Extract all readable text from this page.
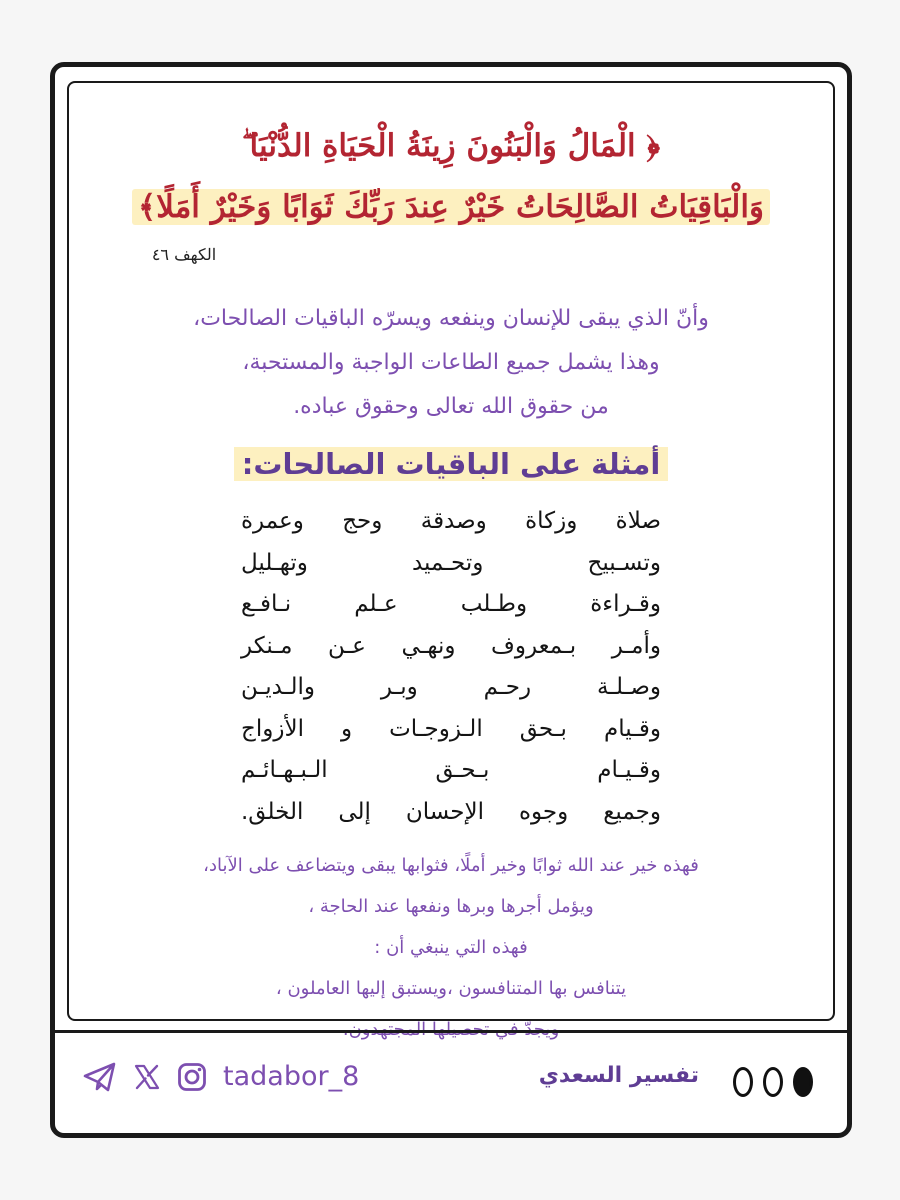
﴿ الْمَالُ وَالْبَنُونَ زِينَةُ الْحَيَاةِ الدُّنْيَا ۖ

وَالْبَاقِيَاتُ الصَّالِحَاتُ خَيْرٌ عِندَ رَبِّكَ ثَوَابًا وَخَيْرٌ أَمَلًا﴾

الكهف ٤٦
وأنّ الذي يبقى للإنسان وينفعه ويسرّه الباقيات الصالحات،
وهذا يشمل جميع الطاعات الواجبة والمستحبة،
من حقوق الله تعالى وحقوق عباده.
أمثلة على الباقيات الصالحات:
صلاة وزكاة وصدقة وحج وعمرة
وتسـبيح وتحـميد وتهـليل
وقـراءة وطـلب عـلم نـافـع
وأمـر بـمعروف ونهـي عـن مـنكر
وصـلـة رحـم وبـر والـديـن
وقـيام بـحق الـزوجـات و الأزواج
وقـيـام بـحـق الـبـهـائـم
وجميع وجوه الإحسان إلى الخلق.
فهذه خير عند الله ثوابًا وخير أملًا، فثوابها يبقى ويتضاعف على الآباد،
ويؤمل أجرها وبرها ونفعها عند الحاجة ،
فهذه التي ينبغي أن :
يتنافس بها المتنافسون ،ويستبق إليها العاملون ،
ويجدّ في تحصيلها المجتهدون.
تفسير السعدي
tadabor_8
